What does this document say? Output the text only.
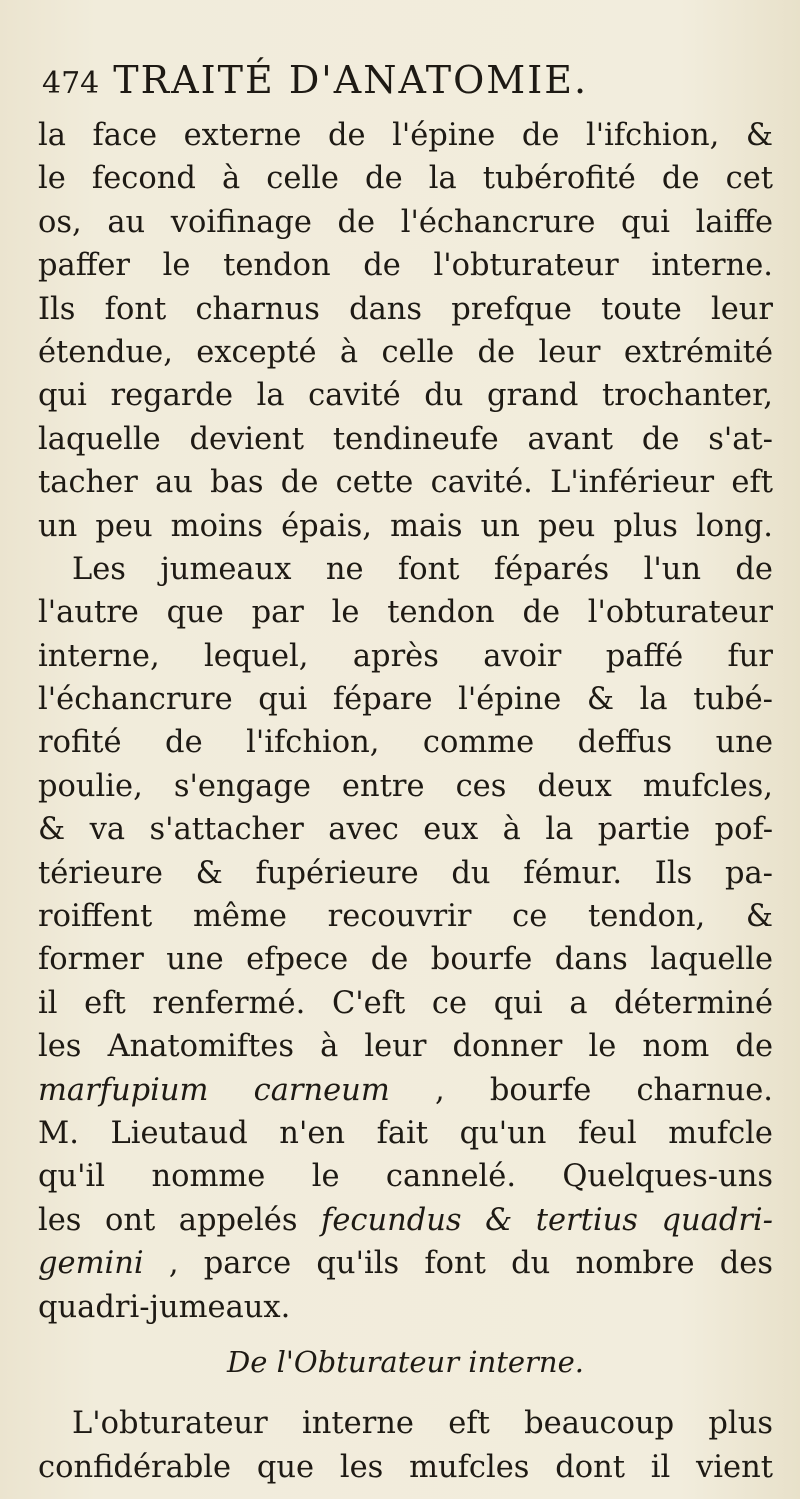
474 TRAITÉ D'ANATOMIE.
la face externe de l'épine de l'ifchion, &
le fecond à celle de la tubérofité de cet
os, au voifinage de l'échancrure qui laiffe
paffer le tendon de l'obturateur interne.
Ils font charnus dans prefque toute leur
étendue, excepté à celle de leur extrémité
qui regarde la cavité du grand trochanter,
laquelle devient tendineufe avant de s'at-
tacher au bas de cette cavité. L'inférieur eft
un peu moins épais, mais un peu plus long.
Les jumeaux ne font féparés l'un de
l'autre que par le tendon de l'obturateur
interne, lequel, après avoir paffé fur
l'échancrure qui fépare l'épine & la tubé-
rofité de l'ifchion, comme deffus une
poulie, s'engage entre ces deux mufcles,
& va s'attacher avec eux à la partie pof-
térieure & fupérieure du fémur. Ils pa-
roiffent même recouvrir ce tendon, &
former une efpece de bourfe dans laquelle
il eft renfermé. C'eft ce qui a déterminé
les Anatomiftes à leur donner le nom de
marfupium carneum , bourfe charnue.
M. Lieutaud n'en fait qu'un feul mufcle
qu'il nomme le cannelé. Quelques-uns
les ont appelés fecundus & tertius quadri-
gemini , parce qu'ils font du nombre des
quadri-jumeaux.
De l'Obturateur interne.
L'obturateur interne eft beaucoup plus
confidérable que les mufcles dont il vient
